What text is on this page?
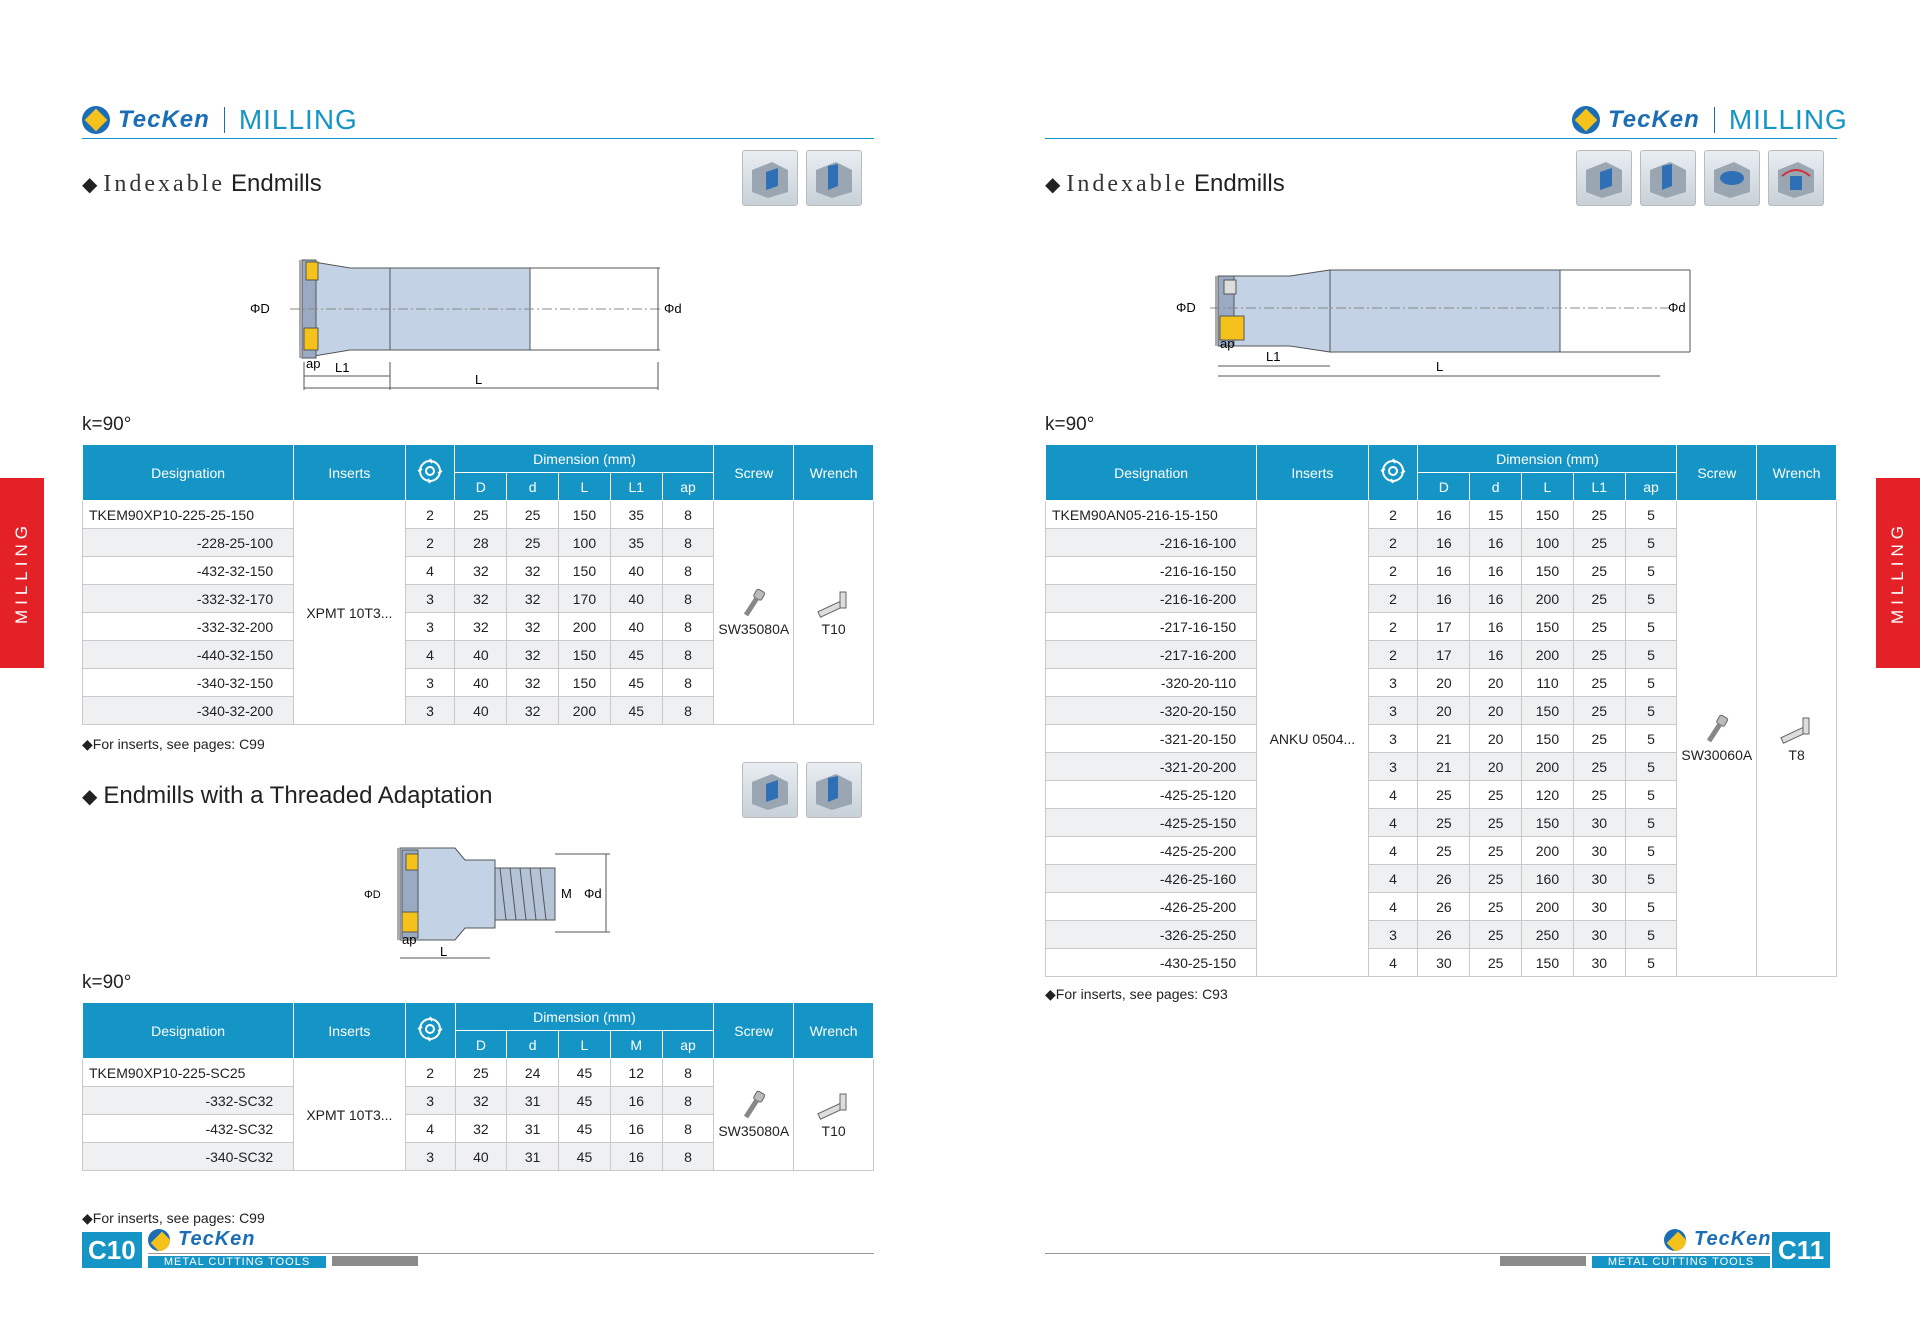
TecKen MILLING
◆ Indexable Endmills
ΦD	Φd
ap L1
L
k=90°
Designation	Inserts		Dimension (mm)					Screw	Wrench
			D	d	L	L1	ap		
TKEM90XP10-225-25-150	XPMT 10T3...	2	25	25	150	35	8	SW35080A	T10

-228-25-100		2	28	25	100	35	8		
-432-32-150		4	32	32	150	40	8		
-332-32-170		3	32	32	170	40	8		
-332-32-200		3	32	32	200	40	8		
-440-32-150		4	40	32	150	45	8		
-340-32-150		3	40	32	150	45	8		
-340-32-200		3	40	32	200	45	8		
◆For inserts, see pages: C99
◆ Endmills with a Threaded Adaptation
ΦD	M Φd
ap
L
k=90°
Designation	Inserts		Dimension (mm)					Screw	Wrench
			D	d	L	M	ap		
TKEM90XP10-225-SC25	XPMT 10T3...	2	25	24	45	12	8	SW35080A	T10

-332-SC32		3	32	31	45	16	8		
-432-SC32		4	32	31	45	16	8		
-340-SC32		3	40	31	45	16	8		
◆For inserts, see pages: C99
C10	TecKen
METAL CUTTING TOOLS
MILLING
TecKen MILLING
◆ Indexable Endmills
ΦD	Φd
ap
L1
L
k=90°
Designation	Inserts		Dimension (mm)					Screw	Wrench
			D	d	L	L1	ap		
TKEM90AN05-216-15-150	ANKU 0504...	2	16	15	150	25	5	SW30060A	T8

-216-16-100		2	16	16	100	25	5		
-216-16-150		2	16	16	150	25	5		
-216-16-200		2	16	16	200	25	5		
-217-16-150		2	17	16	150	25	5		
-217-16-200		2	17	16	200	25	5		
-320-20-110		3	20	20	110	25	5		
-320-20-150		3	20	20	150	25	5		
-321-20-150		3	21	20	150	25	5		
-321-20-200		3	21	20	200	25	5		
-425-25-120		4	25	25	120	25	5		
-425-25-150		4	25	25	150	30	5		
-425-25-200		4	25	25	200	30	5		
-426-25-160		4	26	25	160	30	5		
-426-25-200		4	26	25	200	30	5		
-326-25-250		3	26	25	250	30	5		
-430-25-150		4	30	25	150	30	5		
◆For inserts, see pages: C93
TecKen C11
METAL CUTTING TOOLS
MILLING
